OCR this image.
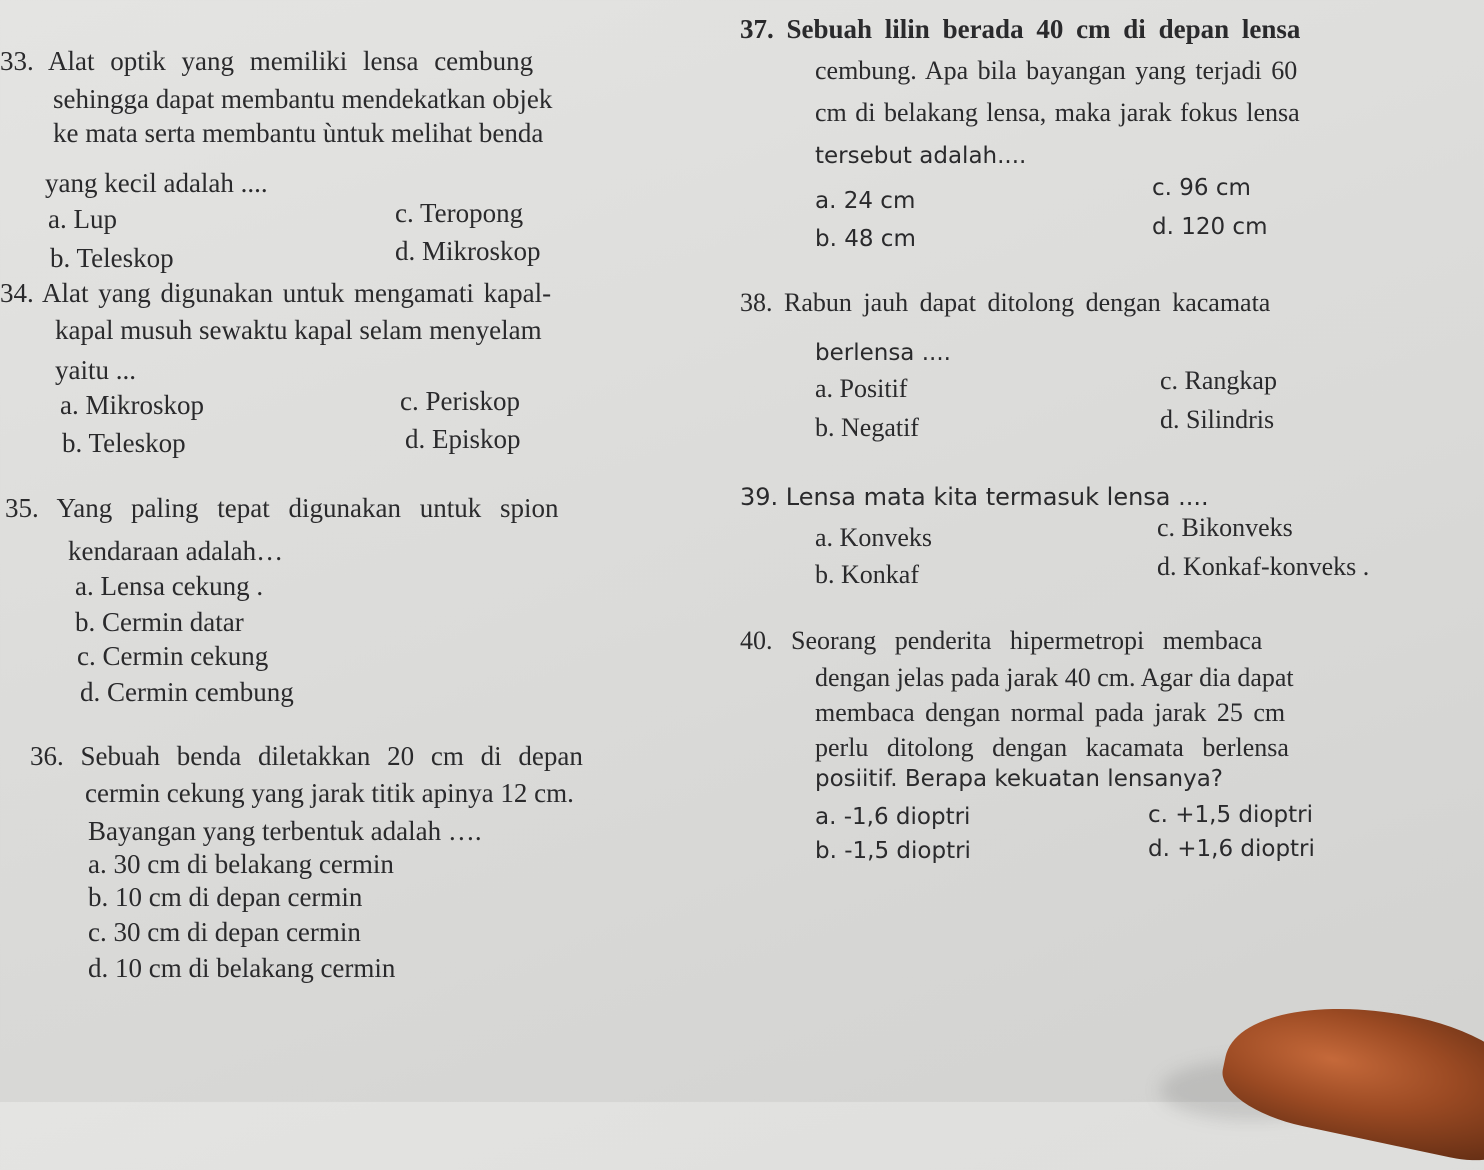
33. Alat optik yang memiliki lensa cembung
sehingga dapat membantu mendekatkan objek
ke mata serta membantu ùntuk melihat benda
yang kecil adalah ....
a. Lup	c. Teropong
b. Teleskop	d. Mikroskop
34. Alat yang digunakan untuk mengamati kapal-
kapal musuh sewaktu kapal selam menyelam
yaitu ...
a. Mikroskop	c. Periskop
b. Teleskop	d. Episkop
35. Yang paling tepat digunakan untuk spion
kendaraan adalah…
a. Lensa cekung .
b. Cermin datar
c. Cermin cekung
d. Cermin cembung
36. Sebuah benda diletakkan 20 cm di depan
cermin cekung yang jarak titik apinya 12 cm.
Bayangan yang terbentuk adalah ….
a. 30 cm di belakang cermin
b. 10 cm di depan cermin
c. 30 cm di depan cermin
d. 10 cm di belakang cermin
37. Sebuah lilin berada 40 cm di depan lensa
cembung. Apa bila bayangan yang terjadi 60
cm di belakang lensa, maka jarak fokus lensa
tersebut adalah....
a. 24 cm	c. 96 cm
b. 48 cm	d. 120 cm
38. Rabun jauh dapat ditolong dengan kacamata
berlensa ....
a. Positif	c. Rangkap
b. Negatif	d. Silindris
39. Lensa mata kita termasuk lensa ....
a. Konveks	c. Bikonveks
b. Konkaf	d. Konkaf-konveks .
40. Seorang penderita hipermetropi membaca
dengan jelas pada jarak 40 cm. Agar dia dapat
membaca dengan normal pada jarak 25 cm
perlu ditolong dengan kacamata berlensa
posiitif. Berapa kekuatan lensanya?
a. -1,6 dioptri	c. +1,5 dioptri
b. -1,5 dioptri	d. +1,6 dioptri
